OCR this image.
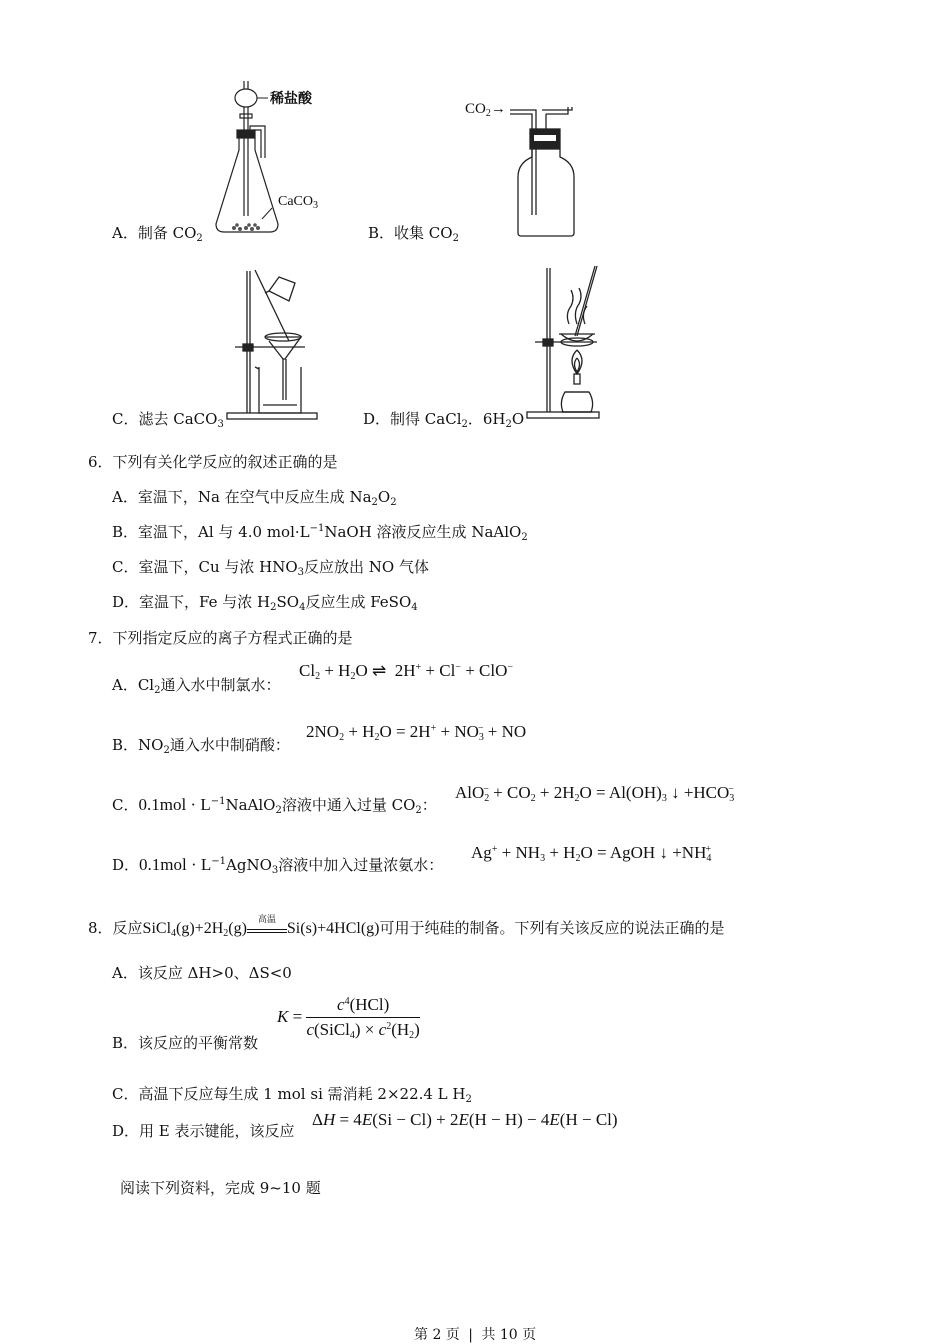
稀盐酸
CaCO$_3$
$CO_2\to$
A．制备 $CO_2$	B．收集 $CO_2$
C．滤去 CaCO$_3$	D．制得 CaCl$_2$．$6H_2O$
6．下列有关化学反应的叙述正确的是
A．室温下，Na 在空气中反应生成 $Na_2O_2$
B．室温下，Al 与 4.0 $mol\cdot L^{-1}NaOH$ 溶液反应生成 NaAlO$_2$
C．室温下，Cu 与浓 $HNO_3$反应放出 NO 气体
D．室温下，Fe 与浓 $H_2SO_4$反应生成 FeSO$_4$
7．下列指定反应的离子方程式正确的是
A．$Cl_2$通入水中制氯水：
$Cl_2 + H_2O$ ⇌  2H+ + Cl− + ClO−
B．$NO_2$通入水中制硝酸：
$2NO_2 + H_2O = 2H^+ + NO_3^-$ + NO
C．$0.1mol \cdot L^{-1}NaAlO_2$溶液中通入过量 $CO_2$：
$AlO_2^- + CO_2 + 2H_2O = Al(OH)_3$ ↓ $+HCO_3^-$
D．$0.1mol \cdot L^{-1}AgNO_3$溶液中加入过量浓氨水：
$Ag^+ + NH_3 + H_2O$ = AgOH ↓ $+NH_4^+$
8．反应$SiCl_4(g)+2H_2(g)$	高温 Si(s)+4HCl(g)可用于纯硅的制备。下列有关该反应的说法正确的是
A．该反应 ΔH>0、ΔS<0
B．该反应的平衡常数
$K = \frac{c^4(HCl)}{c(SiCl_4) \times c^2(H_2)}$
C．高温下反应每生成 1 mol si 需消耗 2×22.4 L $H_2$
D．用 E 表示键能，该反应
ΔH = 4E(Si − Cl) + 2E(H − H) − 4E(H − Cl)
阅读下列资料，完成 9~10 题
第 2 页 | 共 10 页
